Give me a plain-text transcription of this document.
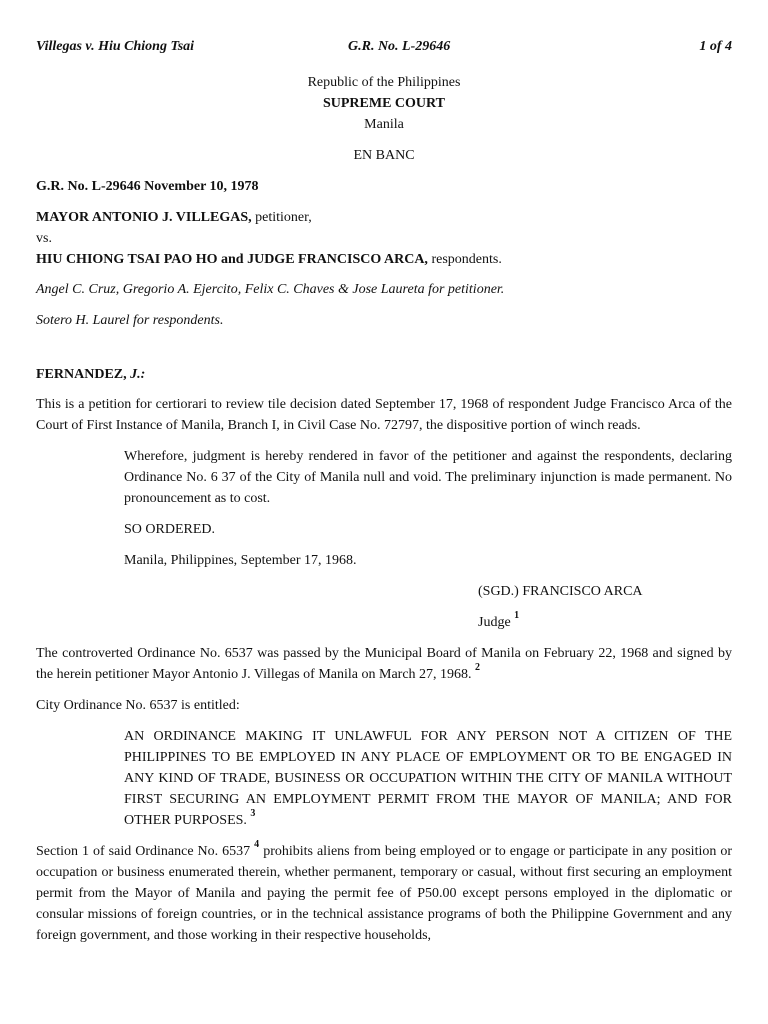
Villegas v. Hiu Chiong Tsai	G.R. No. L-29646	1 of 4

Republic of the Philippines

SUPREME COURT

Manila

EN BANC

G.R. No. L-29646 November 10, 1978

MAYOR ANTONIO J. VILLEGAS, petitioner,

vs.

HIU CHIONG TSAI PAO HO and JUDGE FRANCISCO ARCA, respondents.

Angel C. Cruz, Gregorio A. Ejercito, Felix C. Chaves & Jose Laureta for petitioner.

Sotero H. Laurel for respondents.

FERNANDEZ, J.:

This is a petition for certiorari to review tile decision dated September 17, 1968 of respondent Judge Francisco Arca of the Court of First Instance of Manila, Branch I, in Civil Case No. 72797, the dispositive portion of winch reads.

Wherefore, judgment is hereby rendered in favor of the petitioner and against the respondents, declaring Ordinance No. 6 37 of the City of Manila null and void. The preliminary injunction is made permanent. No pronouncement as to cost.

SO ORDERED.

Manila, Philippines, September 17, 1968.

(SGD.) FRANCISCO ARCA

Judge $^1$

The controverted Ordinance No. 6537 was passed by the Municipal Board of Manila on February 22, 1968 and signed by the herein petitioner Mayor Antonio J. Villegas of Manila on March 27, 1968. $^2$

City Ordinance No. 6537 is entitled:

AN ORDINANCE MAKING IT UNLAWFUL FOR ANY PERSON NOT A CITIZEN OF THE PHILIPPINES TO BE EMPLOYED IN ANY PLACE OF EMPLOYMENT OR TO BE ENGAGED IN ANY KIND OF TRADE, BUSINESS OR OCCUPATION WITHIN THE CITY OF MANILA WITHOUT FIRST SECURING AN EMPLOYMENT PERMIT FROM THE MAYOR OF MANILA; AND FOR OTHER PURPOSES. $^3$

Section 1 of said Ordinance No. 6537 $^4$ prohibits aliens from being employed or to engage or participate in any position or occupation or business enumerated therein, whether permanent, temporary or casual, without first securing an employment permit from the Mayor of Manila and paying the permit fee of P50.00 except persons employed in the diplomatic or consular missions of foreign countries, or in the technical assistance programs of both the Philippine Government and any foreign government, and those working in their respective households,
